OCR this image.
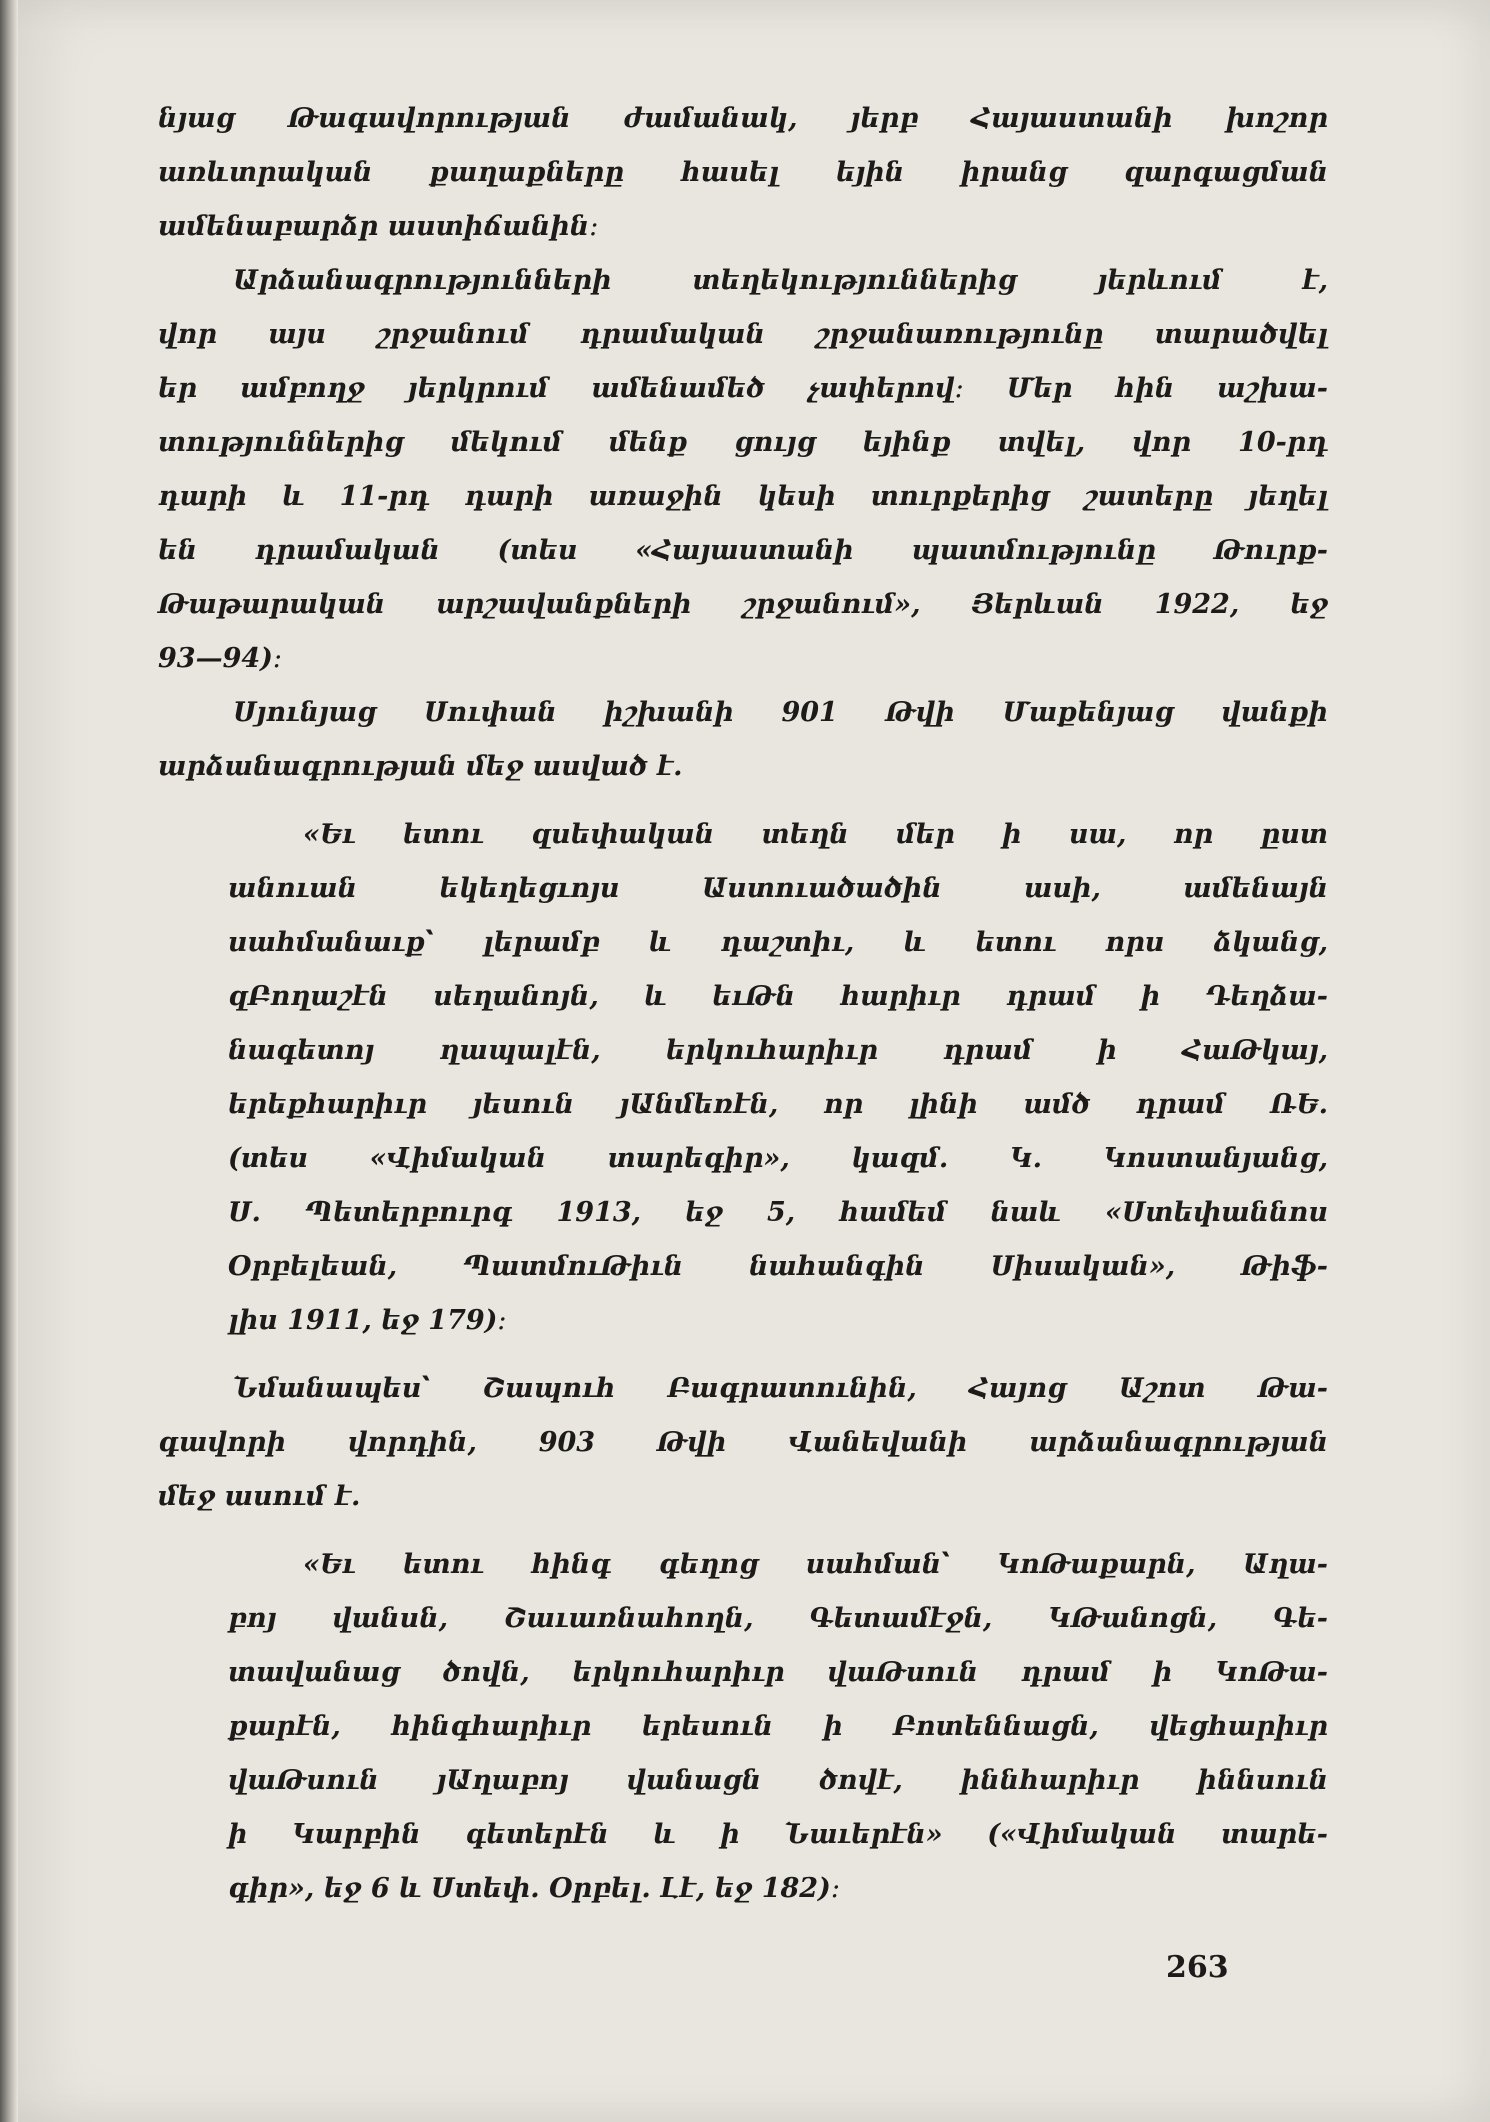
նյաց Թագավորության ժամանակ, յերբ Հայաստանի խոշոր
առևտրական քաղաքները հասել եյին իրանց զարգացման
ամենաբարձր աստիճանին։
Արձանագրությունների տեղեկություններից յերևում է,
վոր այս շրջանում դրամական շրջանառությունը տարածվել
եր ամբողջ յերկրում ամենամեծ չափերով։ Մեր հին աշխա-
տություններից մեկում մենք ցույց եյինք տվել, վոր 10-րդ
դարի և 11-րդ դարի առաջին կեսի տուրքերից շատերը յեղել
են դրամական (տես «Հայաստանի պատմությունը Թուրք-
Թաթարական արշավանքների շրջանում», Յերևան 1922, եջ
93—94)։
Սյունյաց Սուփան իշխանի 901 Թվի Մաքենյաց վանքի
արձանագրության մեջ ասված է.
«Եւ ետու զսեփական տեղն մեր ի սա, որ ըստ
անուան եկեղեցւոյս Աստուածածին ասի, ամենայն
սահմանաւք՝ լերամբ և դաշտիւ, և ետու որս ձկանց,
զԲողաշէն սեղանոյն, և եւԹն հարիւր դրամ ի Դեղձա-
նագետոյ ղապալէն, երկուհարիւր դրամ ի ՀաԹկայ,
երեքհարիւր յեսուն յԱնմեռէն, որ լինի ամծ դրամ ՌԵ.
(տես «Վիմական տարեգիր», կազմ. Կ. Կոստանյանց,
Ս. Պետերբուրգ 1913, եջ 5, համեմ նաև «Ստեփաննոս
Օրբելեան, ՊատմուԹիւն նահանգին Սիսական», Թիֆ-
լիս 1911, եջ 179)։
Նմանապես՝ Շապուհ Բագրատունին, Հայոց Աշոտ Թա-
գավորի վորդին, 903 Թվի Վանեվանի արձանագրության
մեջ ասում է.
«Եւ ետու հինգ գեղոց սահման՝ ԿոԹաքարն, Աղա-
բոյ վանսն, Շաւառնահողն, Գետամէջն, ԿԹանոցն, Գե-
տավանաց ծովն, երկուհարիւր վաԹսուն դրամ ի ԿոԹա-
քարէն, հինգհարիւր երեսուն ի Բոտեննացն, վեցհարիւր
վաԹսուն յԱղաբոյ վանացն ծովէ, իննհարիւր իննսուն
ի Կարբին գետերէն և ի Նաւերէն» («Վիմական տարե-
գիր», եջ 6 և Ստեփ. Օրբել. Լէ, եջ 182)։
263
